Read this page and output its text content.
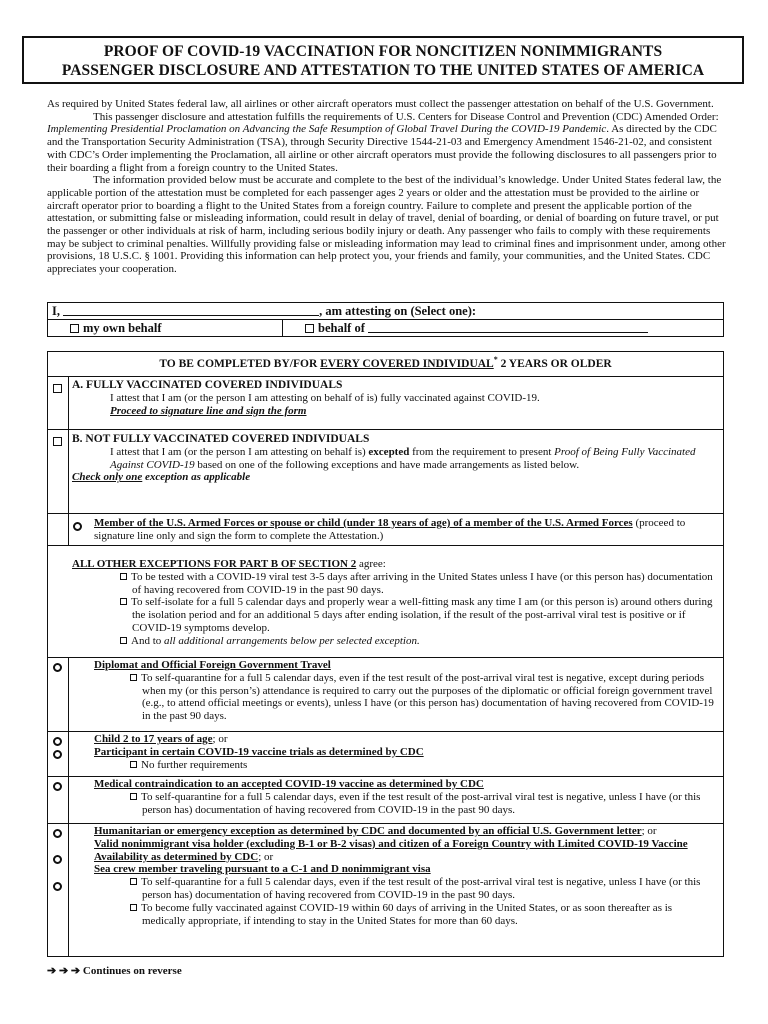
PROOF OF COVID-19 VACCINATION FOR NONCITIZEN NONIMMIGRANTS
PASSENGER DISCLOSURE AND ATTESTATION TO THE UNITED STATES OF AMERICA

As required by United States federal law, all airlines or other aircraft operators must collect the passenger attestation on behalf of the U.S. Government.

This passenger disclosure and attestation fulfills the requirements of U.S. Centers for Disease Control and Prevention (CDC) Amended Order: Implementing Presidential Proclamation on Advancing the Safe Resumption of Global Travel During the COVID-19 Pandemic. As directed by the CDC and the Transportation Security Administration (TSA), through Security Directive 1544-21-03 and Emergency Amendment 1546-21-02, and consistent with CDC’s Order implementing the Proclamation, all airline or other aircraft operators must provide the following disclosures to all passengers prior to their boarding a flight from a foreign country to the United States.

The information provided below must be accurate and complete to the best of the individual’s knowledge. Under United States federal law, the applicable portion of the attestation must be completed for each passenger ages 2 years or older and the attestation must be provided to the airline or aircraft operator prior to boarding a flight to the United States from a foreign country. Failure to complete and present the applicable portion of the attestation, or submitting false or misleading information, could result in delay of travel, denial of boarding, or denial of boarding on future travel, or put the passenger or other individuals at risk of harm, including serious bodily injury or death. Any passenger who fails to comply with these requirements may be subject to criminal penalties. Willfully providing false or misleading information may lead to criminal fines and imprisonment under, among other provisions, 18 U.S.C. § 1001. Providing this information can help protect you, your friends and family, your communities, and the United States. CDC appreciates your cooperation.

I,	, am attesting on (Select one):
my own behalf	behalf of
TO BE COMPLETED BY/FOR EVERY COVERED INDIVIDUAL* 2 YEARS OR OLDER

A. FULLY VACCINATED COVERED INDIVIDUALS

I attest that I am (or the person I am attesting on behalf of is) fully vaccinated against COVID-19.

Proceed to signature line and sign the form

B. NOT FULLY VACCINATED COVERED INDIVIDUALS

I attest that I am (or the person I am attesting on behalf is) excepted from the requirement to present Proof of Being Fully Vaccinated Against COVID-19 based on one of the following exceptions and have made arrangements as listed below.

Check only one exception as applicable

Member of the U.S. Armed Forces or spouse or child (under 18 years of age) of a member of the U.S. Armed Forces (proceed to signature line only and sign the form to complete the Attestation.)

ALL OTHER EXCEPTIONS FOR PART B OF SECTION 2 agree:

To be tested with a COVID-19 viral test 3-5 days after arriving in the United States unless I have (or this person has) documentation of having recovered from COVID-19 in the past 90 days.

To self-isolate for a full 5 calendar days and properly wear a well-fitting mask any time I am (or this person is) around others during the isolation period and for an additional 5 days after ending isolation, if the result of the post-arrival viral test is positive or if COVID-19 symptoms develop.

And to all additional arrangements below per selected exception.

Diplomat and Official Foreign Government Travel

To self-quarantine for a full 5 calendar days, even if the test result of the post-arrival viral test is negative, except during periods when my (or this person’s) attendance is required to carry out the purposes of the diplomatic or official foreign government travel (e.g., to attend official meetings or events), unless I have (or this person has) documentation of having recovered from COVID-19 in the past 90 days.

Child 2 to 17 years of age; or

Participant in certain COVID-19 vaccine trials as determined by CDC

No further requirements

Medical contraindication to an accepted COVID-19 vaccine as determined by CDC

To self-quarantine for a full 5 calendar days, even if the test result of the post-arrival viral test is negative, unless I have (or this person has) documentation of having recovered from COVID-19 in the past 90 days.

Humanitarian or emergency exception as determined by CDC and documented by an official U.S. Government letter; or

Valid nonimmigrant visa holder (excluding B-1 or B-2 visas) and citizen of a Foreign Country with Limited COVID-19 Vaccine Availability as determined by CDC; or

Sea crew member traveling pursuant to a C-1 and D nonimmigrant visa

To self-quarantine for a full 5 calendar days, even if the test result of the post-arrival viral test is negative, unless I have (or this person has) documentation of having recovered from COVID-19 in the past 90 days.

To become fully vaccinated against COVID-19 within 60 days of arriving in the United States, or as soon thereafter as is medically appropriate, if intending to stay in the United States for more than 60 days.

➔ ➔ ➔ Continues on reverse
